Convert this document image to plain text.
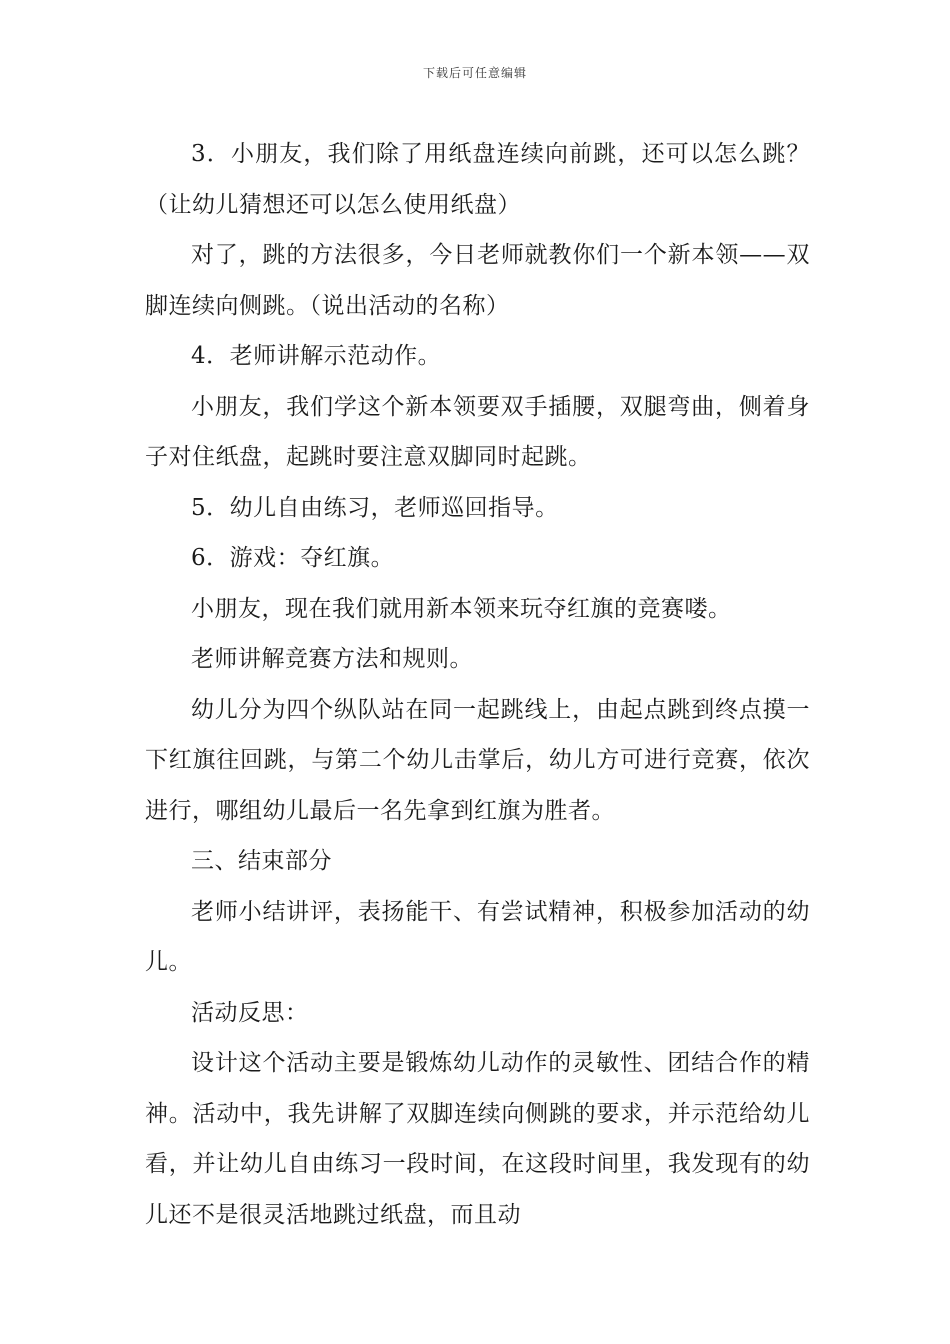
下载后可任意编辑

3．小朋友，我们除了用纸盘连续向前跳，还可以怎么跳？（让幼儿猜想还可以怎么使用纸盘）

对了，跳的方法很多，今日老师就教你们一个新本领——双脚连续向侧跳。（说出活动的名称）

4．老师讲解示范动作。

小朋友，我们学这个新本领要双手插腰，双腿弯曲，侧着身子对住纸盘，起跳时要注意双脚同时起跳。

5．幼儿自由练习，老师巡回指导。

6．游戏：夺红旗。

小朋友，现在我们就用新本领来玩夺红旗的竞赛喽。

老师讲解竞赛方法和规则。

幼儿分为四个纵队站在同一起跳线上，由起点跳到终点摸一下红旗往回跳，与第二个幼儿击掌后，幼儿方可进行竞赛，依次进行，哪组幼儿最后一名先拿到红旗为胜者。

三、结束部分

老师小结讲评，表扬能干、有尝试精神，积极参加活动的幼儿。

活动反思：

设计这个活动主要是锻炼幼儿动作的灵敏性、团结合作的精神。活动中，我先讲解了双脚连续向侧跳的要求，并示范给幼儿看，并让幼儿自由练习一段时间，在这段时间里，我发现有的幼儿还不是很灵活地跳过纸盘，而且动
